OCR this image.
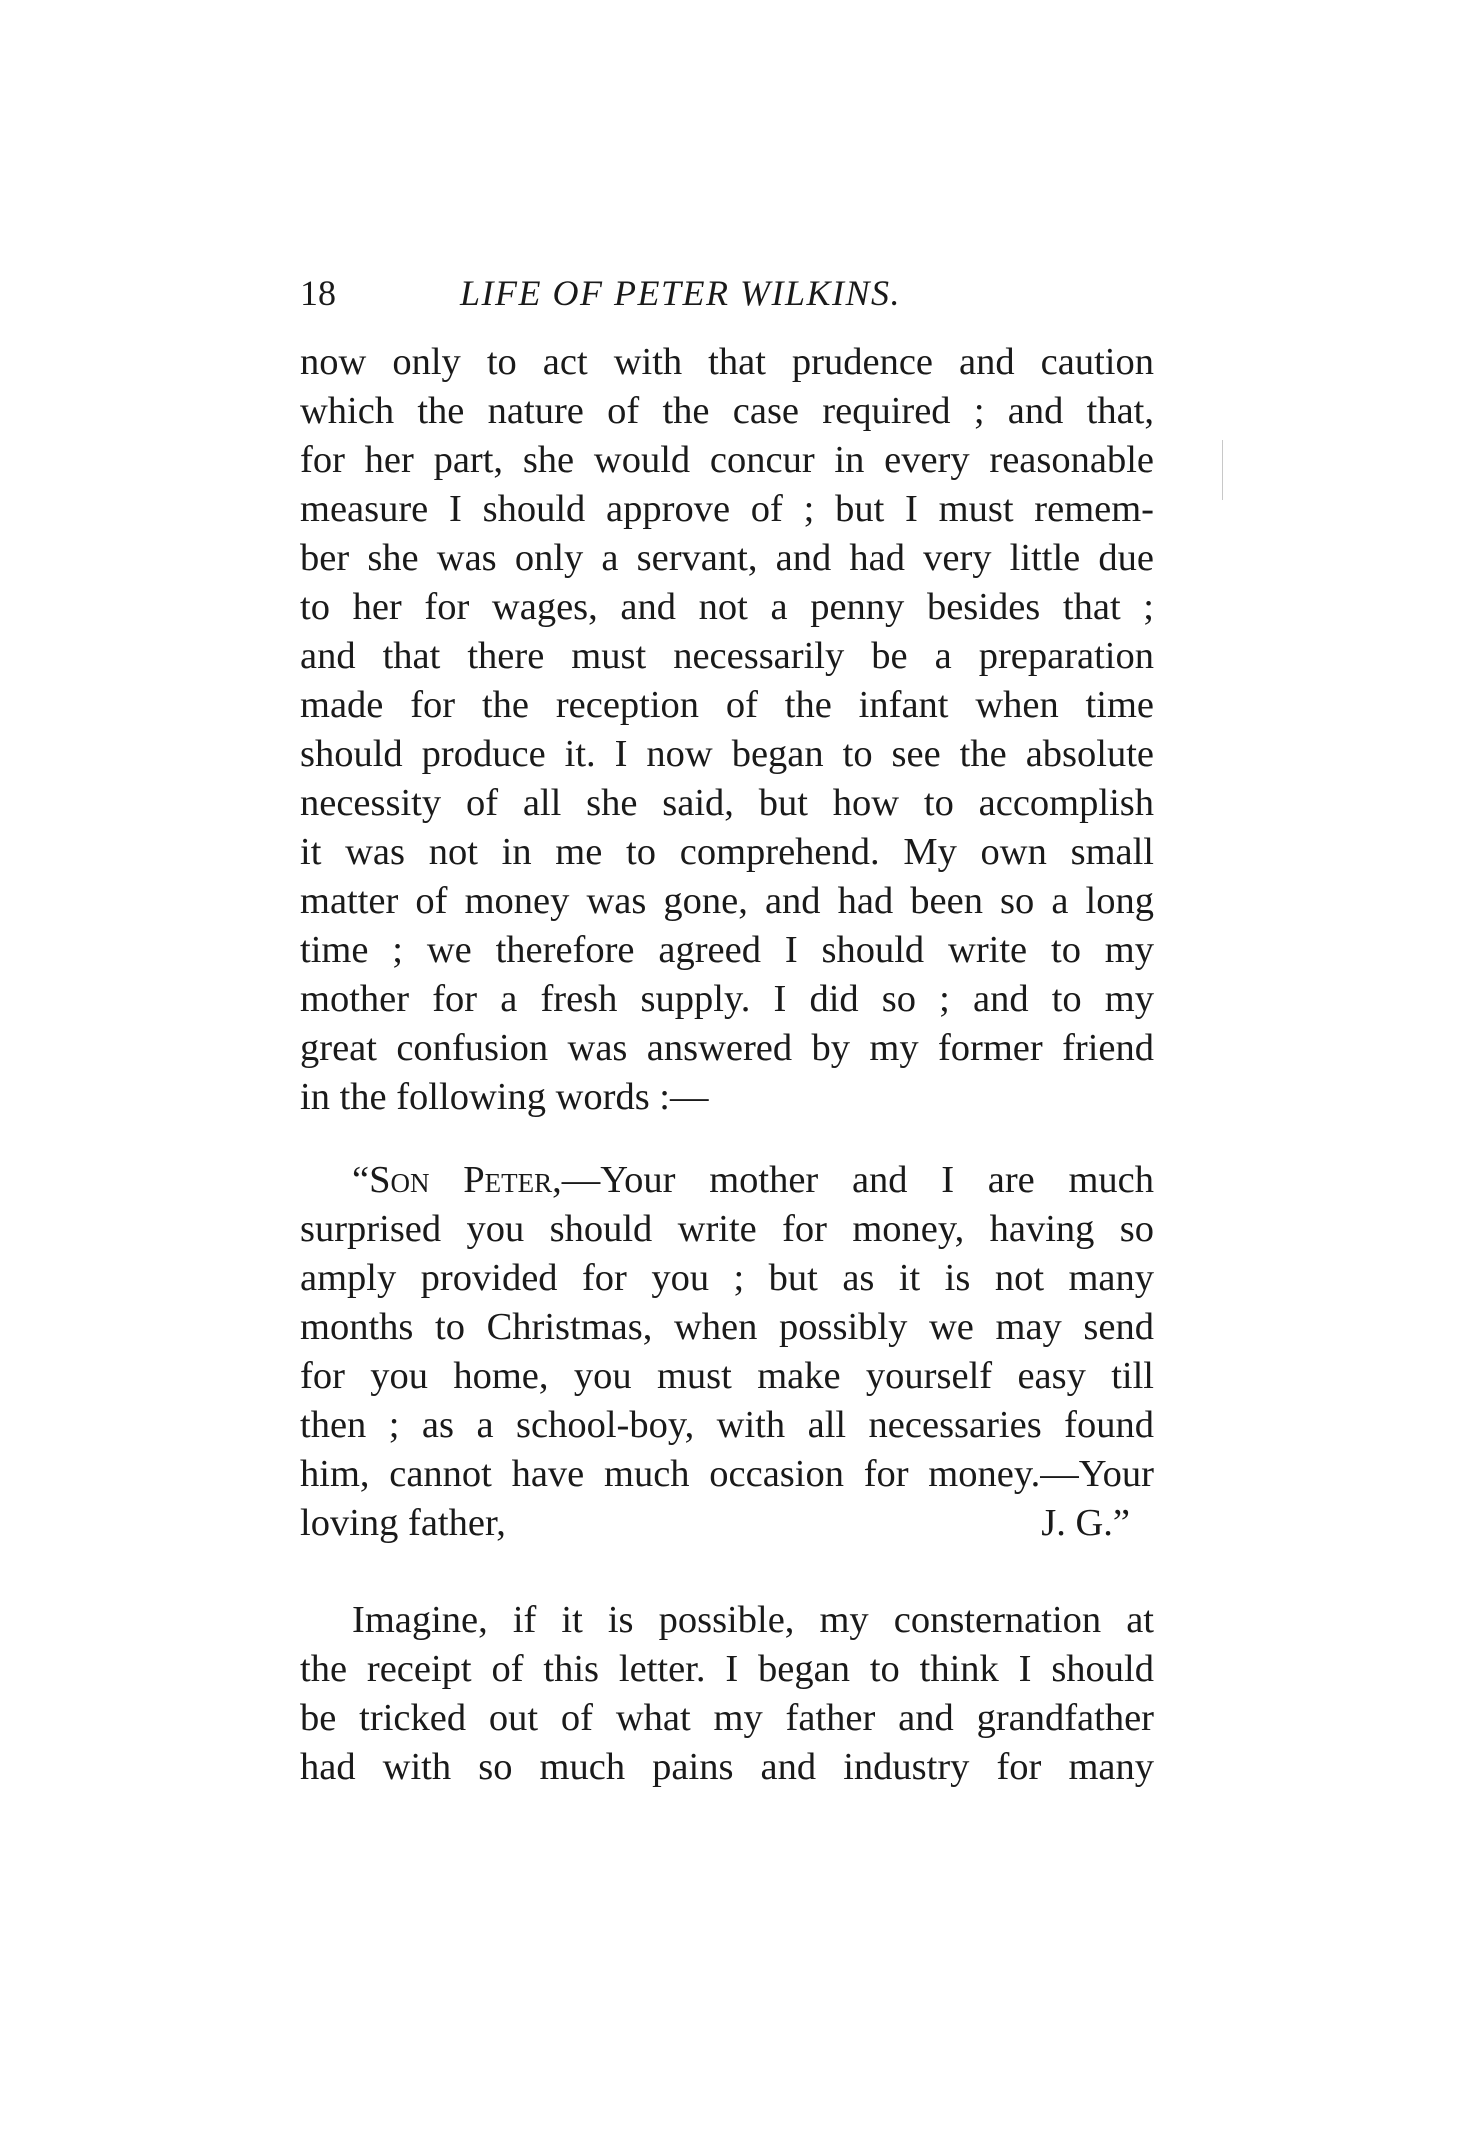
18	LIFE OF PETER WILKINS.
now only to act with that prudence and caution
which the nature of the case required ; and that,
for her part, she would concur in every reasonable
measure I should approve of ; but I must remem-
ber she was only a servant, and had very little due
to her for wages, and not a penny besides that ;
and that there must necessarily be a preparation
made for the reception of the infant when time
should produce it. I now began to see the absolute
necessity of all she said, but how to accomplish
it was not in me to comprehend. My own small
matter of money was gone, and had been so a long
time ; we therefore agreed I should write to my
mother for a fresh supply. I did so ; and to my
great confusion was answered by my former friend
in the following words :—
“Son Peter,—Your mother and I are much
surprised you should write for money, having so
amply provided for you ; but as it is not many
months to Christmas, when possibly we may send
for you home, you must make yourself easy till
then ; as a school-boy, with all necessaries found
him, cannot have much occasion for money.—Your
loving father,	J. G.”
Imagine, if it is possible, my consternation at
the receipt of this letter. I began to think I should
be tricked out of what my father and grandfather
had with so much pains and industry for many
